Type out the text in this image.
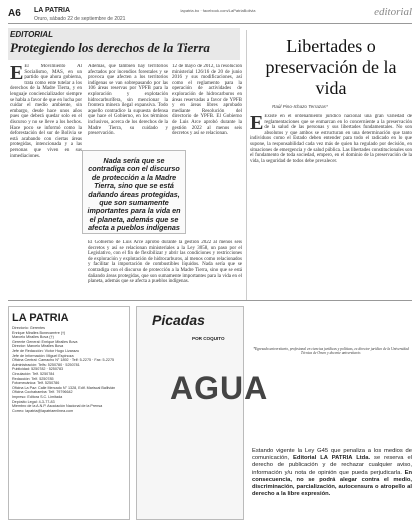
A6 LA PATRIA
Oruro, sábado 22 de septiembre de 2021
lapatria.bo · facebook.com/LaPatriaBolivia	editorial
EDITORIAL
Protegiendo los derechos de la Tierra
E El Movimiento Al Socialismo, MAS, en un partido que ahora gobierna, trata como ente tutelar a los derechos de la Madre Tierra, y en lenguaje conciencializador siempre se habla a favor de que en lucha por cuidar el medio ambiente, sin embargo, desde hace unos años pues que deberá quedar solo en el discurso y no se lleve a los hechos. Hace poco se informó como la deforestación del sur de Bolivia se está acabando con ciertas áreas protegidas, intencionada y a las personas que viven en sus inmediaciones.
Además, que también hay territorios afectados por incendios forestales y se provoca que afecten a los territorios indígenas se van sobrepasando por las 106 áreas reservas por YPFB para la exploración y explotación hidrocarburífera, sin mencionar la frontera minera ilegal expansiva. Todo aquello contradice la supuesta defensa que hace el Gobierno, en los términos inclusivos, acerca de los derechos de la Madre Tierra, su cuidado y preservación.
12 de mayo de 2012, la resolución ministerial 126/16 de 20 de junio 2016 y sus modificaciones, así como el reglamento para la operación de actividades de exploración de hidrocarburos en áreas reservadas a favor de YPFB y en áreas libres aprobado mediante Resolución del directorio de YPFB. El Gobierno de Luis Arce aprobó durante la gestión 2022 al menos seis decretos y así se relacionan.
El Gobierno de Luis Arce aprobó durante la gestión 2022 al menos seis decretos y así se relacionan ministeriales a la Ley 3058, un paso por el Legislativo, con el fin de flexibilizar y abrir las condiciones y restricciones de exploración y explotación de hidrocarburos, al menos como relacionados y facilitar la importación de combustibles líquidos. Nada sería que se contradiga con el discurso de protección a la Madre Tierra, sino que se está dañando áreas protegidas, que son sumamente importantes para la vida en el planeta, además que se afecta a pueblos indígenas.

Nada sería que se contradiga con el discurso de protección a la Madre Tierra, sino que se está dañando áreas protegidas, que son sumamente importantes para la vida en el planeta, además que se afecta a pueblos indígenas

Libertades o preservación de la vida
Raúl Pino-Ichazo Terrazas*
E Existe en el ordenamiento jurídico nacional una gran variedad de reglamentaciones que se enmarcan en lo concerniente a la preservación de la salud de las personas y sus libertades fundamentales. No son absolutos y que ambos se estructuran en una determinación que tanto individuos como el Estado deben entender para todo el radicado en lo que supone, la responsabilidad cada vez más de quien ha regulado por decisión, en situaciones de emergencia y de salud pública. Las libertades constitucionales son el fundamento de toda sociedad, empero, en el dominio de la preservación de la vida, la seguridad de todos debe prevalecer.

*Egresado universitario, profesional en ciencias jurídicas y políticas, ex director jurídico de la Universidad Técnica de Oruro y docente universitario.

LA PATRIA
Directorio: Gerentes
Enrique Miralles Bonecarrère (†)
Marcelo Miralles Bova (†)
Gerente General: Enrique Miralles Bova
Director: Marcelo Miralles Bova
Jefe de Redacción: Víctor Hugo Lizarazu
Jefe de Información: Miguel Espinoza
Oficina Central: Camacho N° 1892 · Telf: 5-2275 · Fax: 5-2275
Administración: Telfs: 5250780 · 5250781
Publicidad: 5250782 · 5250783
Circulación: Telf. 5250784
Redacción: Telf. 5250785
Fotomecánica: Telf. 5250786
Oficina La Paz: Calle Mercado N° 1328, Edif. Mariscal Ballivián
Oficina Cochabamba: Telf. 79796642
Impreso: Editora S.C. Limitada
Depósito Legal: 4-3-77-83
Miembro de la A.N.P. Asociación Nacional de la Prensa
Correo: lapatria@lapatriaenlinea.com
Picadas
POR COQUITO
AGUA

Estando vigente la Ley G45 que penaliza a los medios de comunicación, Editorial LA PATRIA Ltda. se reserva el derecho de publicación y de rechazar cualquier aviso, información y/u nota de opinión que pueda perjudicarla. En consecuencia, no se podrá alegar contra el medio, discriminación, parcialización, autocensura o atropello al derecho a la libre expresión.
